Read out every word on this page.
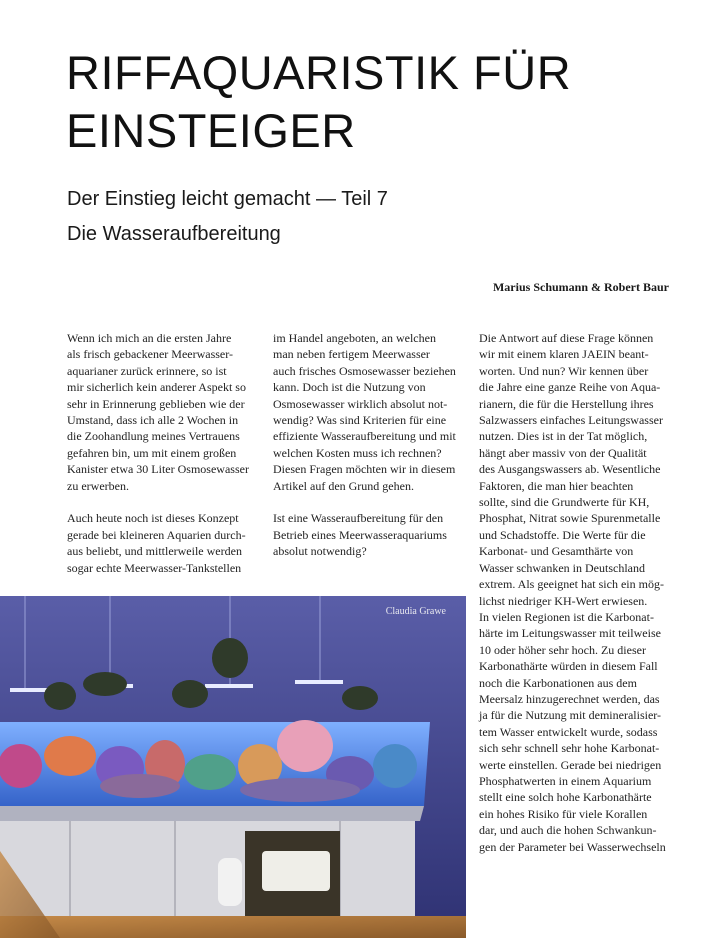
RIFFAQUARISTIK FÜR
EINSTEIGER
Der Einstieg leicht gemacht — Teil 7
Die Wasseraufbereitung
Marius Schumann & Robert Baur

Wenn ich mich an die ersten Jahre
als frisch gebackener Meerwasser-
aquarianer zurück erinnere, so ist
mir sicherlich kein anderer Aspekt so
sehr in Erinnerung geblieben wie der
Umstand, dass ich alle 2 Wochen in
die Zoohandlung meines Vertrauens
gefahren bin, um mit einem großen
Kanister etwa 30 Liter Osmosewasser
zu erwerben.

Auch heute noch ist dieses Konzept
gerade bei kleineren Aquarien durch-
aus beliebt, und mittlerweile werden
sogar echte Meerwasser-Tankstellen

im Handel angeboten, an welchen
man neben fertigem Meerwasser
auch frisches Osmosewasser beziehen
kann. Doch ist die Nutzung von
Osmosewasser wirklich absolut not-
wendig? Was sind Kriterien für eine
effiziente Wasseraufbereitung und mit
welchen Kosten muss ich rechnen?
Diesen Fragen möchten wir in diesem
Artikel auf den Grund gehen.

Ist eine Wasseraufbereitung für den
Betrieb eines Meerwasseraquariums
absolut notwendig?

Die Antwort auf diese Frage können
wir mit einem klaren JAEIN beant-
worten. Und nun? Wir kennen über
die Jahre eine ganze Reihe von Aqua-
rianern, die für die Herstellung ihres
Salzwassers einfaches Leitungswasser
nutzen. Dies ist in der Tat möglich,
hängt aber massiv von der Qualität
des Ausgangswassers ab. Wesentliche
Faktoren, die man hier beachten
sollte, sind die Grundwerte für KH,
Phosphat, Nitrat sowie Spurenmetalle
und Schadstoffe. Die Werte für die
Karbonat- und Gesamthärte von
Wasser schwanken in Deutschland
extrem. Als geeignet hat sich ein mög-
lichst niedriger KH-Wert erwiesen.
In vielen Regionen ist die Karbonat-
härte im Leitungswasser mit teilweise
10 oder höher sehr hoch. Zu dieser
Karbonathärte würden in diesem Fall
noch die Karbonationen aus dem
Meersalz hinzugerechnet werden, das
ja für die Nutzung mit demineralisier-
tem Wasser entwickelt wurde, sodass
sich sehr schnell sehr hohe Karbonat-
werte einstellen. Gerade bei niedrigen
Phosphatwerten in einem Aquarium
stellt eine solch hohe Karbonathärte
ein hohes Risiko für viele Korallen
dar, und auch die hohen Schwankun-
gen der Parameter bei Wasserwechseln

Claudia Grawe
